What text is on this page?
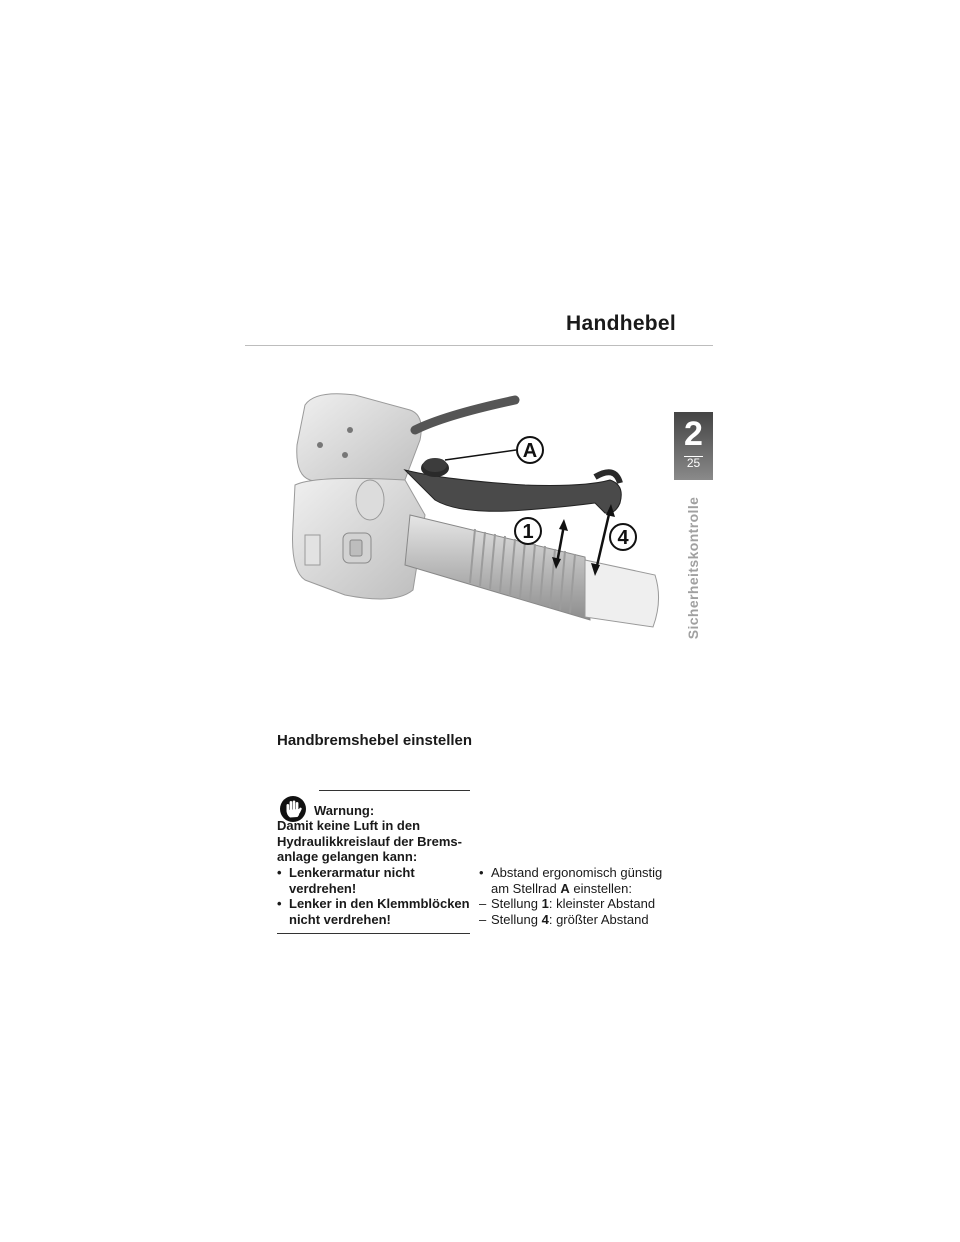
Handhebel
2
25
Sicherheitskontrolle
A
1	4
Handbremshebel einstellen
Warnung:
Damit keine Luft in den Hydraulikkreislauf der Bremsanlage gelangen kann:
• Lenkerarmatur nicht verdrehen!
• Lenker in den Klemmblöcken nicht verdrehen!
• Abstand ergonomisch günstig am Stellrad A einstellen:
– Stellung 1: kleinster Abstand
– Stellung 4: größter Abstand
